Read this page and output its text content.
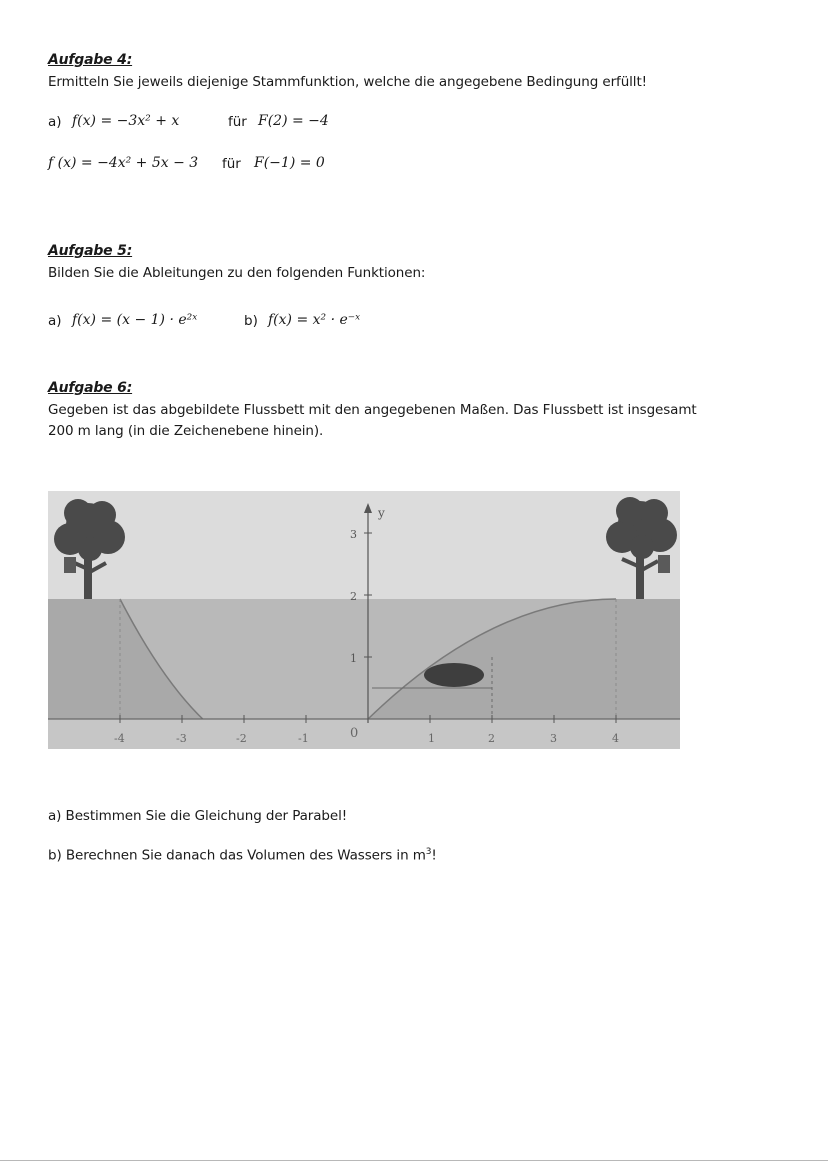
Aufgabe 4:
Ermitteln Sie jeweils diejenige Stammfunktion, welche die angegebene Bedingung erfüllt!
a) f(x) = −3x² + x	für F(2) = −4
f (x) = −4x² + 5x − 3 für F(−1) = 0
Aufgabe 5:
Bilden Sie die Ableitungen zu den folgenden Funktionen:
a) f(x) = (x − 1) · e²ˣ	b) f(x) = x² · e⁻ˣ
Aufgabe 6:
Gegeben ist das abgebildete Flussbett mit den angegebenen Maßen. Das Flussbett ist insgesamt
200 m lang (in die Zeichenebene hinein).
y
1
2
3
-4	-3	-2	-1	0	1	2	3	4
a) Bestimmen Sie die Gleichung der Parabel!
b) Berechnen Sie danach das Volumen des Wassers in $m^3$!
